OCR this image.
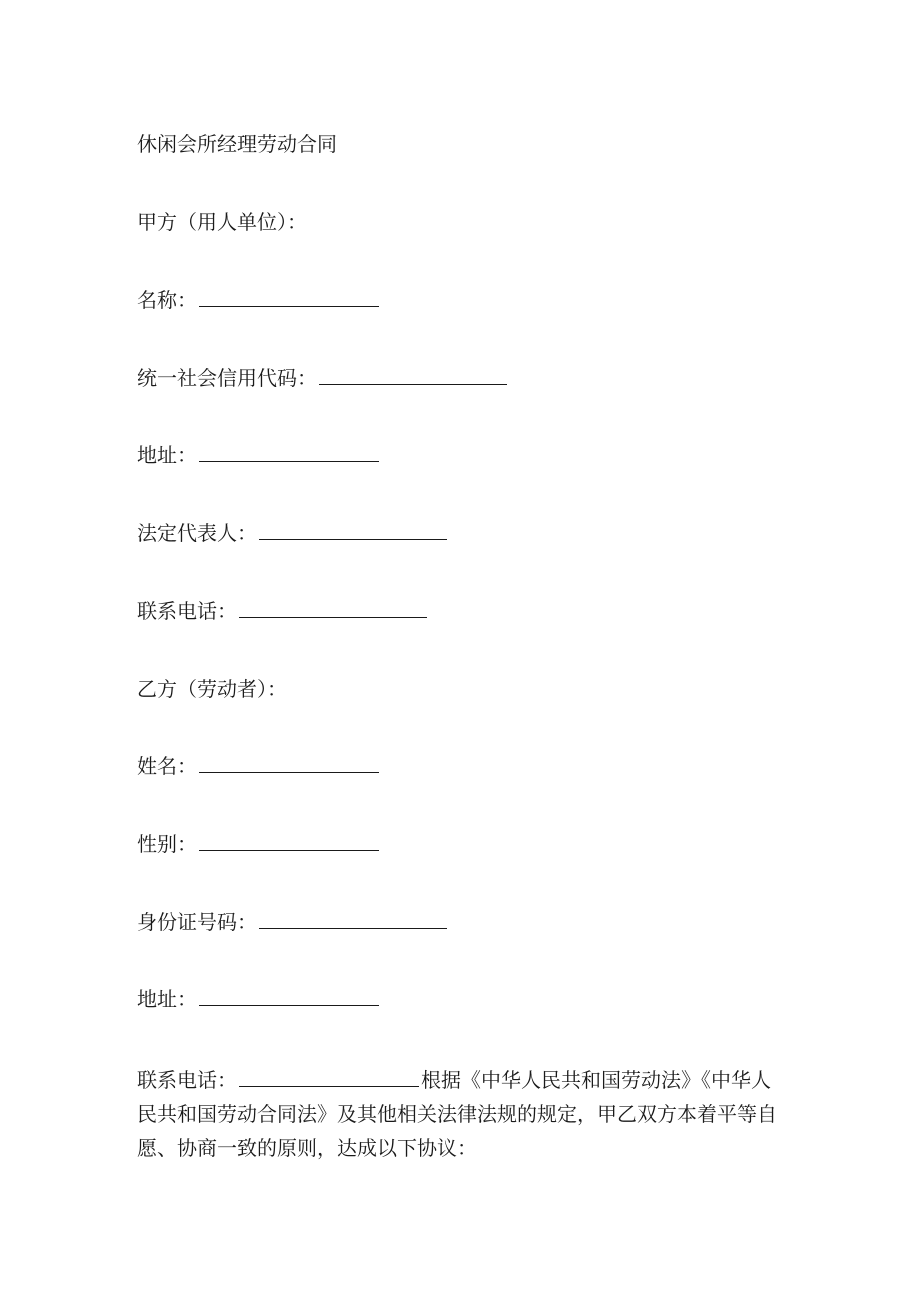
休闲会所经理劳动合同
甲方（用人单位）：
名称：
统一社会信用代码：
地址：
法定代表人：
联系电话：
乙方（劳动者）：
姓名：
性别：
身份证号码：
地址：
联系电话：	根据《中华人民共和国劳动法》《中华人民共和国劳动合同法》及其他相关法律法规的规定，甲乙双方本着平等自愿、协商一致的原则，达成以下协议：
